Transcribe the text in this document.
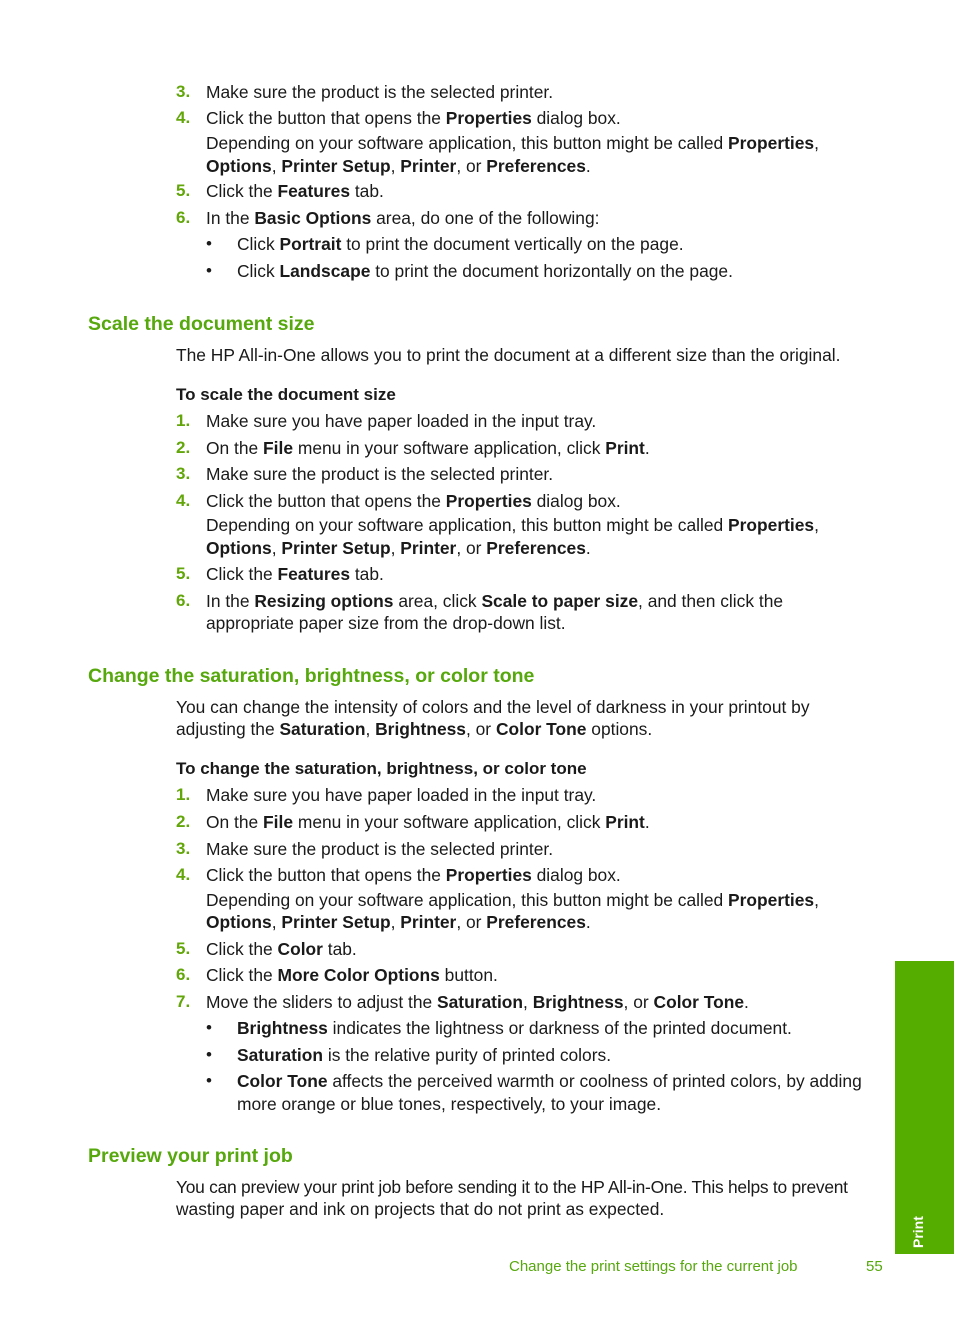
3. Make sure the product is the selected printer.
4. Click the button that opens the Properties dialog box.
Depending on your software application, this button might be called Properties,
Options, Printer Setup, Printer, or Preferences.
5. Click the Features tab.
6. In the Basic Options area, do one of the following:
• Click Portrait to print the document vertically on the page.
• Click Landscape to print the document horizontally on the page.
Scale the document size
The HP All-in-One allows you to print the document at a different size than the original.
To scale the document size
1. Make sure you have paper loaded in the input tray.
2. On the File menu in your software application, click Print.
3. Make sure the product is the selected printer.
4. Click the button that opens the Properties dialog box.
Depending on your software application, this button might be called Properties,
Options, Printer Setup, Printer, or Preferences.
5. Click the Features tab.
6. In the Resizing options area, click Scale to paper size, and then click the
appropriate paper size from the drop-down list.
Change the saturation, brightness, or color tone
You can change the intensity of colors and the level of darkness in your printout by
adjusting the Saturation, Brightness, or Color Tone options.
To change the saturation, brightness, or color tone
1. Make sure you have paper loaded in the input tray.
2. On the File menu in your software application, click Print.
3. Make sure the product is the selected printer.
4. Click the button that opens the Properties dialog box.
Depending on your software application, this button might be called Properties,
Options, Printer Setup, Printer, or Preferences.
5. Click the Color tab.
6. Click the More Color Options button.
7. Move the sliders to adjust the Saturation, Brightness, or Color Tone.
• Brightness indicates the lightness or darkness of the printed document.
• Saturation is the relative purity of printed colors.
• Color Tone affects the perceived warmth or coolness of printed colors, by adding
more orange or blue tones, respectively, to your image.
Preview your print job
You can preview your print job before sending it to the HP All-in-One. This helps to prevent
wasting paper and ink on projects that do not print as expected.
Print
Change the print settings for the current job	55
